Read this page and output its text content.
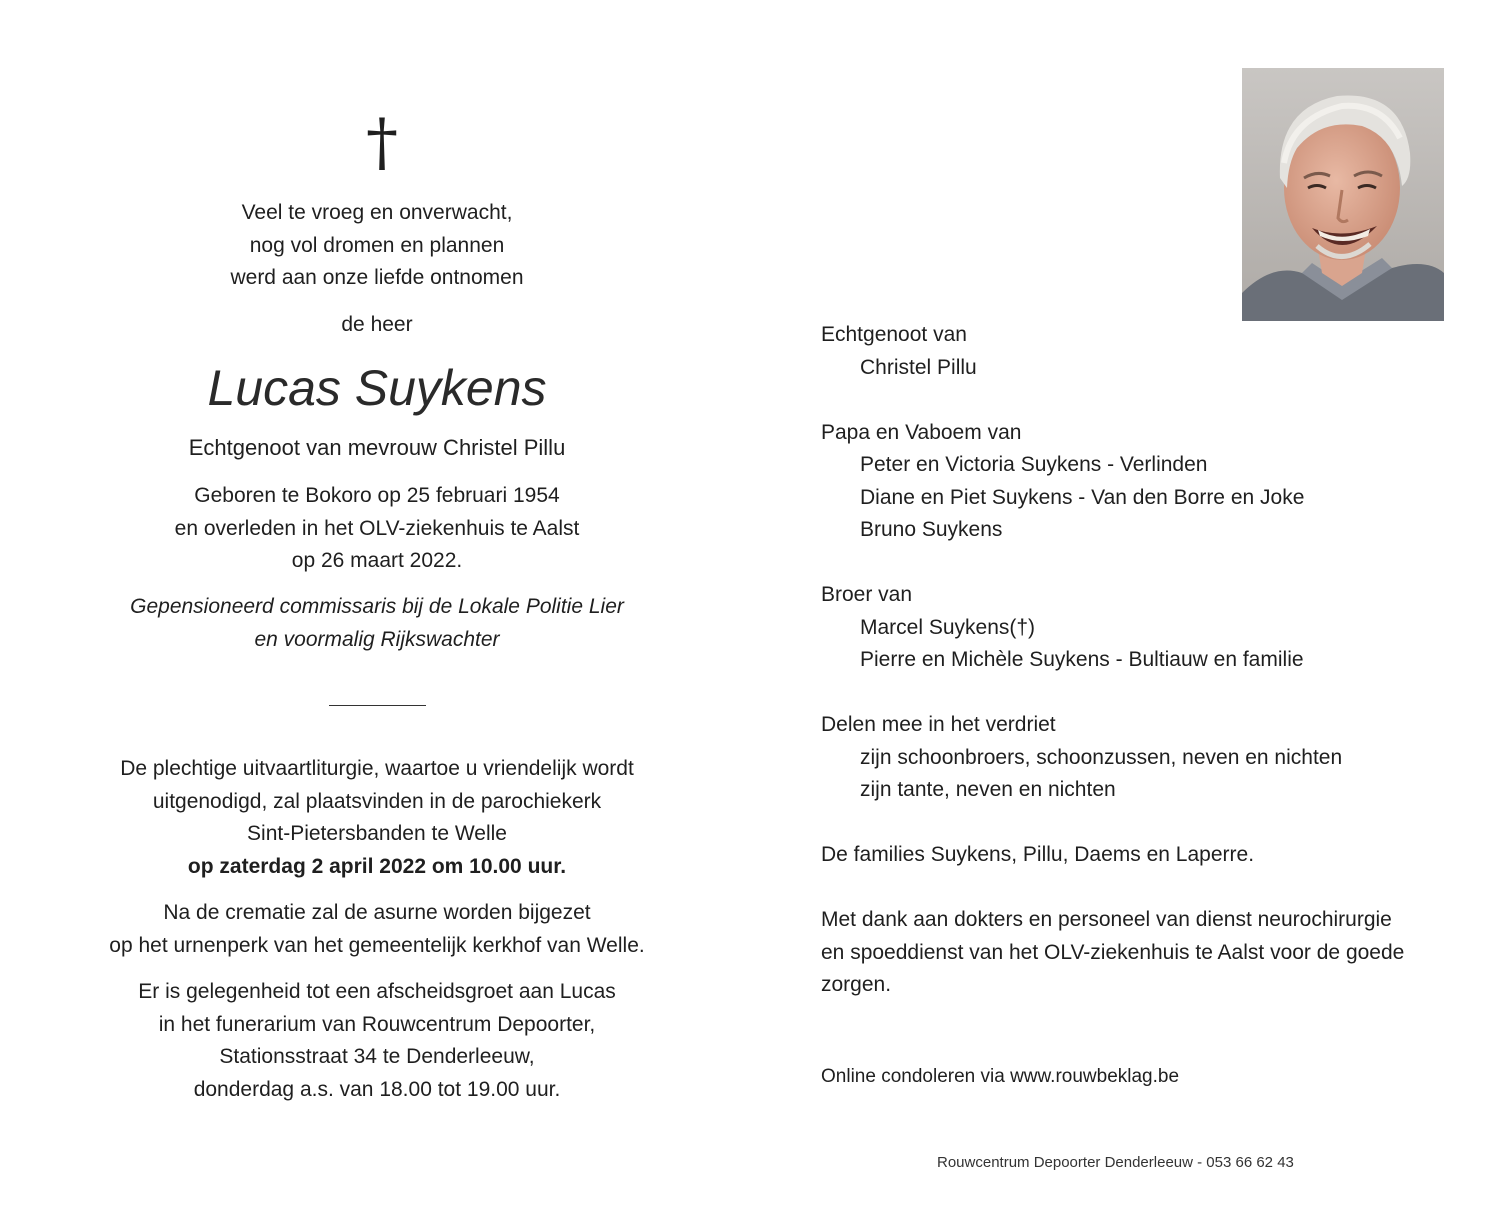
†
Veel te vroeg en onverwacht,
nog vol dromen en plannen
werd aan onze liefde ontnomen
de heer
Lucas Suykens
Echtgenoot van mevrouw Christel Pillu
Geboren te Bokoro op 25 februari 1954
en overleden in het OLV-ziekenhuis te Aalst
op 26 maart 2022.
Gepensioneerd commissaris bij de Lokale Politie Lier
en voormalig Rijkswachter
De plechtige uitvaartliturgie, waartoe u vriendelijk wordt
uitgenodigd, zal plaatsvinden in de parochiekerk
Sint-Pietersbanden te Welle
op zaterdag 2 april 2022 om 10.00 uur.
Na de crematie zal de asurne worden bijgezet
op het urnenperk van het gemeentelijk kerkhof van Welle.
Er is gelegenheid tot een afscheidsgroet aan Lucas
in het funerarium van Rouwcentrum Depoorter,
Stationsstraat 34 te Denderleeuw,
donderdag a.s. van 18.00 tot 19.00 uur.
Echtgenoot van
Christel Pillu
Papa en Vaboem van
Peter en Victoria Suykens - Verlinden
Diane en Piet Suykens - Van den Borre en Joke
Bruno Suykens
Broer van
Marcel Suykens(†)
Pierre en Michèle Suykens - Bultiauw en familie
Delen mee in het verdriet
zijn schoonbroers, schoonzussen, neven en nichten
zijn tante, neven en nichten
De families Suykens, Pillu, Daems en Laperre.
Met dank aan dokters en personeel van dienst neurochirurgie
en spoeddienst van het OLV-ziekenhuis te Aalst voor de goede
zorgen.
Online condoleren via www.rouwbeklag.be
Rouwcentrum Depoorter Denderleeuw - 053 66 62 43
